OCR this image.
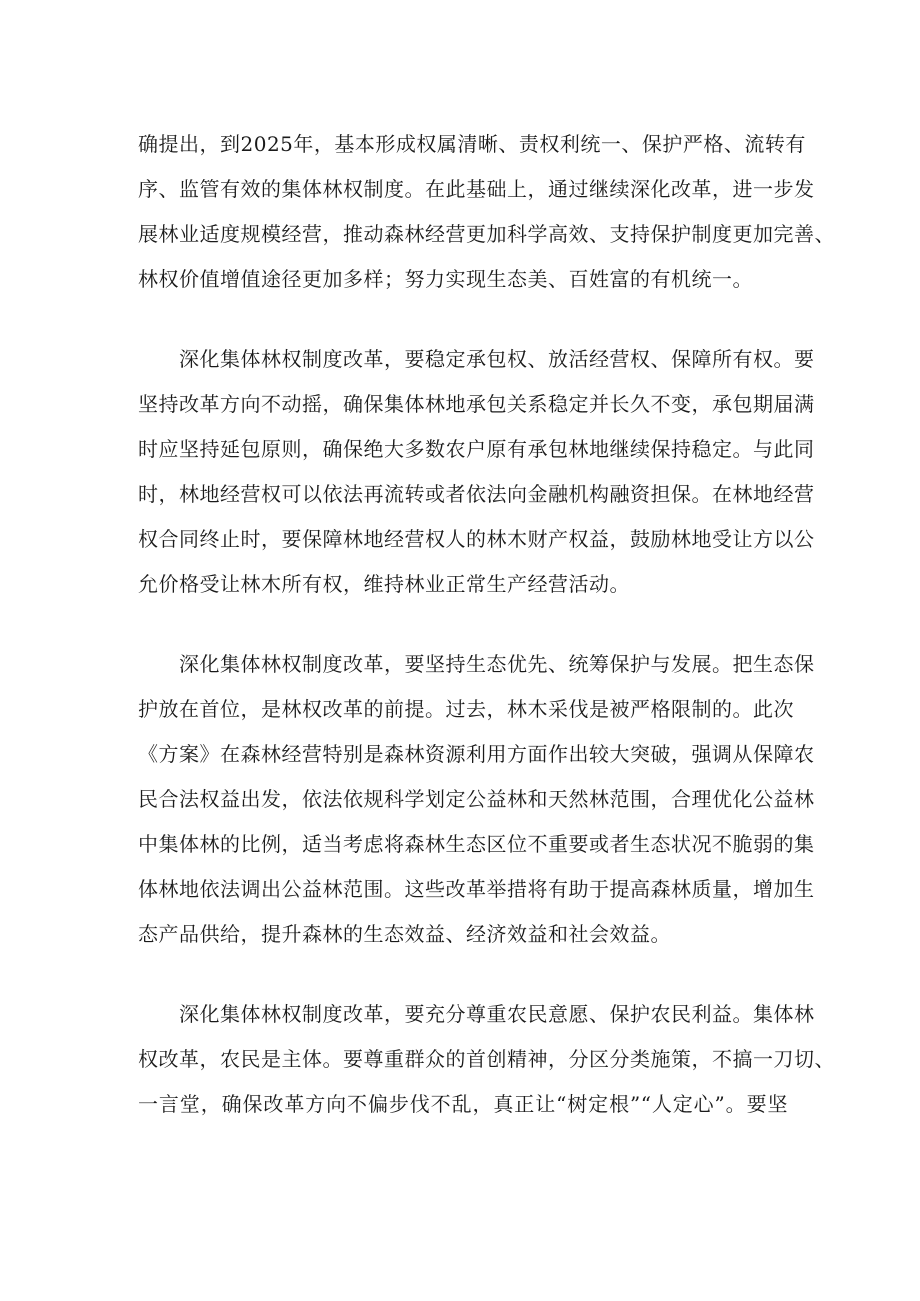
确提出，到2025年，基本形成权属清晰、责权利统一、保护严格、流转有
序、监管有效的集体林权制度。在此基础上，通过继续深化改革，进一步发
展林业适度规模经营，推动森林经营更加科学高效、支持保护制度更加完善、
林权价值增值途径更加多样；努力实现生态美、百姓富的有机统一。
　　深化集体林权制度改革，要稳定承包权、放活经营权、保障所有权。要
坚持改革方向不动摇，确保集体林地承包关系稳定并长久不变，承包期届满
时应坚持延包原则，确保绝大多数农户原有承包林地继续保持稳定。与此同
时，林地经营权可以依法再流转或者依法向金融机构融资担保。在林地经营
权合同终止时，要保障林地经营权人的林木财产权益，鼓励林地受让方以公
允价格受让林木所有权，维持林业正常生产经营活动。
　　深化集体林权制度改革，要坚持生态优先、统筹保护与发展。把生态保
护放在首位，是林权改革的前提。过去，林木采伐是被严格限制的。此次
《方案》在森林经营特别是森林资源利用方面作出较大突破，强调从保障农
民合法权益出发，依法依规科学划定公益林和天然林范围，合理优化公益林
中集体林的比例，适当考虑将森林生态区位不重要或者生态状况不脆弱的集
体林地依法调出公益林范围。这些改革举措将有助于提高森林质量，增加生
态产品供给，提升森林的生态效益、经济效益和社会效益。
　　深化集体林权制度改革，要充分尊重农民意愿、保护农民利益。集体林
权改革，农民是主体。要尊重群众的首创精神，分区分类施策，不搞一刀切、
一言堂，确保改革方向不偏步伐不乱，真正让“树定根”“人定心”。要坚
